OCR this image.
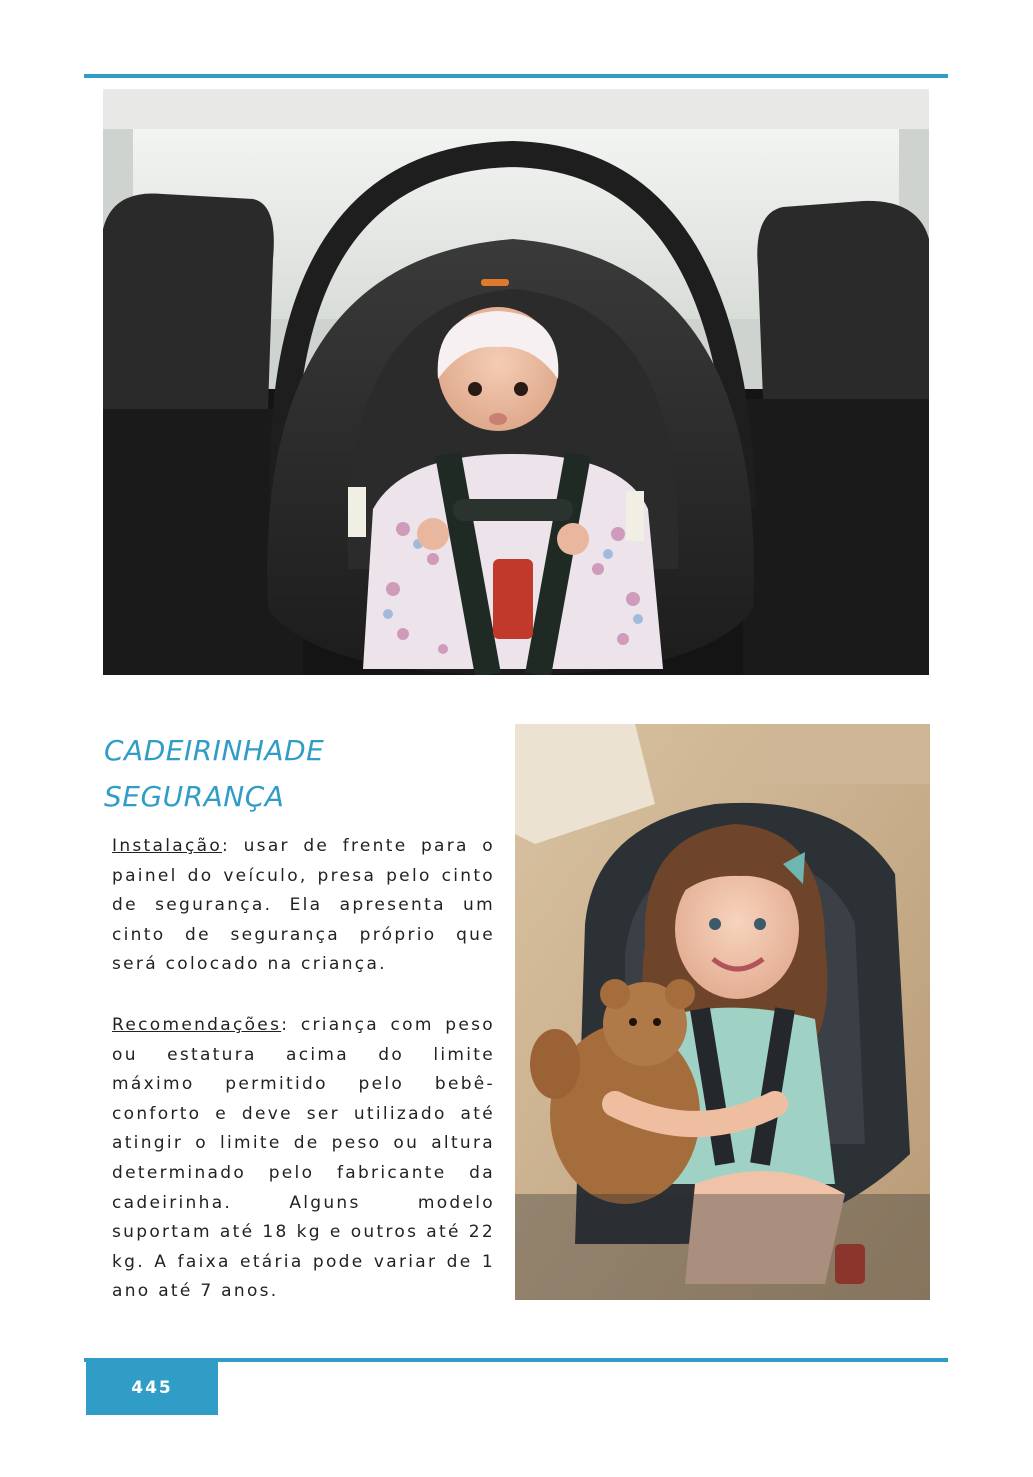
CADEIRINHADE
SEGURANÇA

Instalação: usar de frente para o painel do veículo, presa pelo cinto de segurança. Ela apresenta um cinto de segurança próprio que será colocado na criança.

Recomendações: criança com peso ou estatura acima do limite máximo permitido pelo bebê-conforto e deve ser utilizado até atingir o limite de peso ou altura determinado pelo fabricante da cadeirinha. Alguns modelo suportam até 18 kg e outros até 22 kg. A faixa etária pode variar de 1 ano até 7 anos.

445
